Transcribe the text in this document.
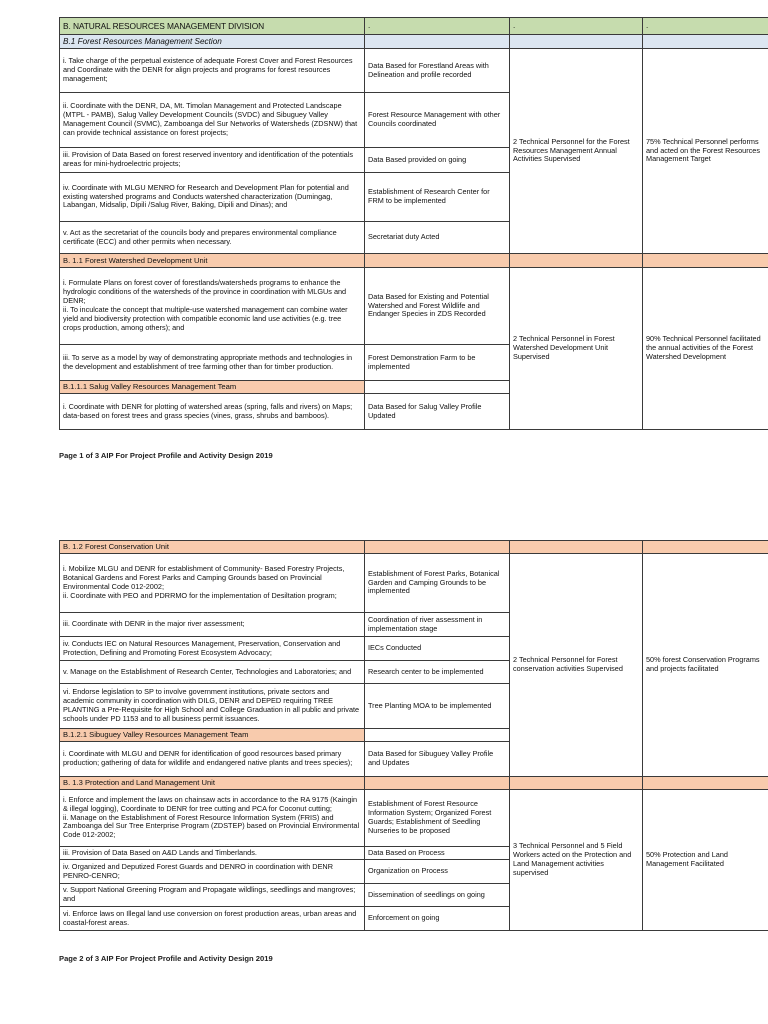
B. NATURAL RESOURCES MANAGEMENT DIVISION	.	.	.
B.1 Forest Resources Management Section			
i. Take charge of the perpetual existence of adequate Forest Cover and Forest Resources and Coordinate with the DENR for align projects and programs for forest resources management;	Data Based for Forestland Areas with Delineation and profile recorded	2 Technical Personnel for the Forest Resources Management Annual Activities Supervised	75% Technical Personnel performs and acted on the Forest Resources Management Target
ii. Coordinate with the DENR, DA, Mt. Timolan Management and Protected Landscape (MTPL - PAMB), Salug Valley Development Councils (SVDC) and Sibuguey Valley Management Council (SVMC), Zamboanga del Sur Networks of Watersheds (ZDSNW) that can provide technical assistance on forest projects;	Forest Resource Management with other Councils coordinated		
iii. Provision of Data Based on forest reserved inventory and identification of the potentials areas for mini-hydroelectric projects;	Data Based provided on going		
iv. Coordinate with MLGU MENRO for Research and Development Plan for potential and existing watershed programs and Conducts watershed characterization (Dumingag, Labangan, Midsalip, Dipili /Salug River, Baking, Dipili and Dinas); and	Establishment of Research Center for FRM to be implemented		
v. Act as the secretariat of the councils body and prepares environmental compliance certificate (ECC) and other permits when necessary.	Secretariat duty Acted		
B. 1.1 Forest Watershed Development Unit			
i. Formulate Plans on forest cover of forestlands/watersheds programs to enhance the hydrologic conditions of the watersheds of the province in coordination with MLGUs and DENR;
ii. To inculcate the concept that multiple-use watershed management can combine water yield and biodiversity protection with compatible economic land use activities (e.g. tree crops production, among others); and	Data Based for Existing and Potential Watershed and Forest Wildlife and Endanger Species in ZDS Recorded	2 Technical Personnel in Forest Watershed Development Unit Supervised	90% Technical Personnel facilitated the annual activities of the Forest Watershed Development
iii. To serve as a model by way of demonstrating appropriate methods and technologies in the development and establishment of tree farming other than for timber production.	Forest Demonstration Farm to be implemented		
B.1.1.1 Salug Valley Resources Management Team			
i. Coordinate with DENR for plotting of watershed areas (spring, falls and rivers) on Maps; data-based on forest trees and grass species (vines, grass, shrubs and bamboos).	Data Based for Salug Valley Profile Updated		
Page 1 of 3 AIP For Project Profile and Activity Design 2019
B. 1.2 Forest Conservation Unit			
i. Mobilize MLGU and DENR for establishment of Community- Based Forestry Projects, Botanical Gardens and Forest Parks and Camping Grounds based on Provincial Environmental Code 012-2002;
ii. Coordinate with PEO and PDRRMO for the implementation of Desiltation program;	Establishment of Forest Parks, Botanical Garden and Camping Grounds to be implemented	2 Technical Personnel for Forest conservation activities Supervised	50% forest Conservation Programs and projects facilitated
iii. Coordinate with DENR in the major river assessment;	Coordination of river assessment in implementation stage		
iv. Conducts IEC on Natural Resources Management, Preservation, Conservation and Protection, Defining and Promoting Forest Ecosystem Advocacy;	IECs Conducted		
v. Manage on the Establishment of Research Center, Technologies and Laboratories; and	Research center to be implemented		
vi. Endorse legislation to SP to involve government institutions, private sectors and academic community in coordination with DILG, DENR and DEPED requiring TREE PLANTING a Pre-Requisite for High School and College Graduation in all public and private schools under PD 1153 and to all business permit issuances.	Tree Planting MOA to be implemented		
B.1.2.1 Sibuguey Valley Resources Management Team			
i. Coordinate with MLGU and DENR for identification of good resources based primary production; gathering of data for wildlife and endangered native plants and trees species);	Data Based for Sibuguey Valley Profile and Updates		
B. 1.3 Protection and Land Management Unit			
i. Enforce and implement the laws on chainsaw acts in accordance to the RA 9175 (Kaingin & illegal logging), Coordinate to DENR for tree cutting and PCA for Coconut cutting;
ii. Manage on the Establishment of Forest Resource Information System (FRIS) and Zamboanga del Sur Tree Enterprise Program (ZDSTEP) based on Provincial Environmental Code 012-2002;	Establishment of Forest Resource Information System; Organized Forest Guards; Establishment of Seedling Nurseries to be proposed	3 Technical Personnel and 5 Field Workers acted on the Protection and Land Management activities supervised	50% Protection and Land Management Facilitated
iii. Provision of Data Based on A&D Lands and Timberlands.	Data Based on Process		
iv. Organized and Deputized Forest Guards and DENRO in coordination with DENR PENRO-CENRO;	Organization on Process		
v. Support National Greening Program and Propagate wildlings, seedlings and mangroves; and	Dissemination of seedlings on going		
vi. Enforce laws on Illegal land use conversion on forest production areas, urban areas and coastal-forest areas.	Enforcement on going		
Page 2 of 3 AIP For Project Profile and Activity Design 2019
